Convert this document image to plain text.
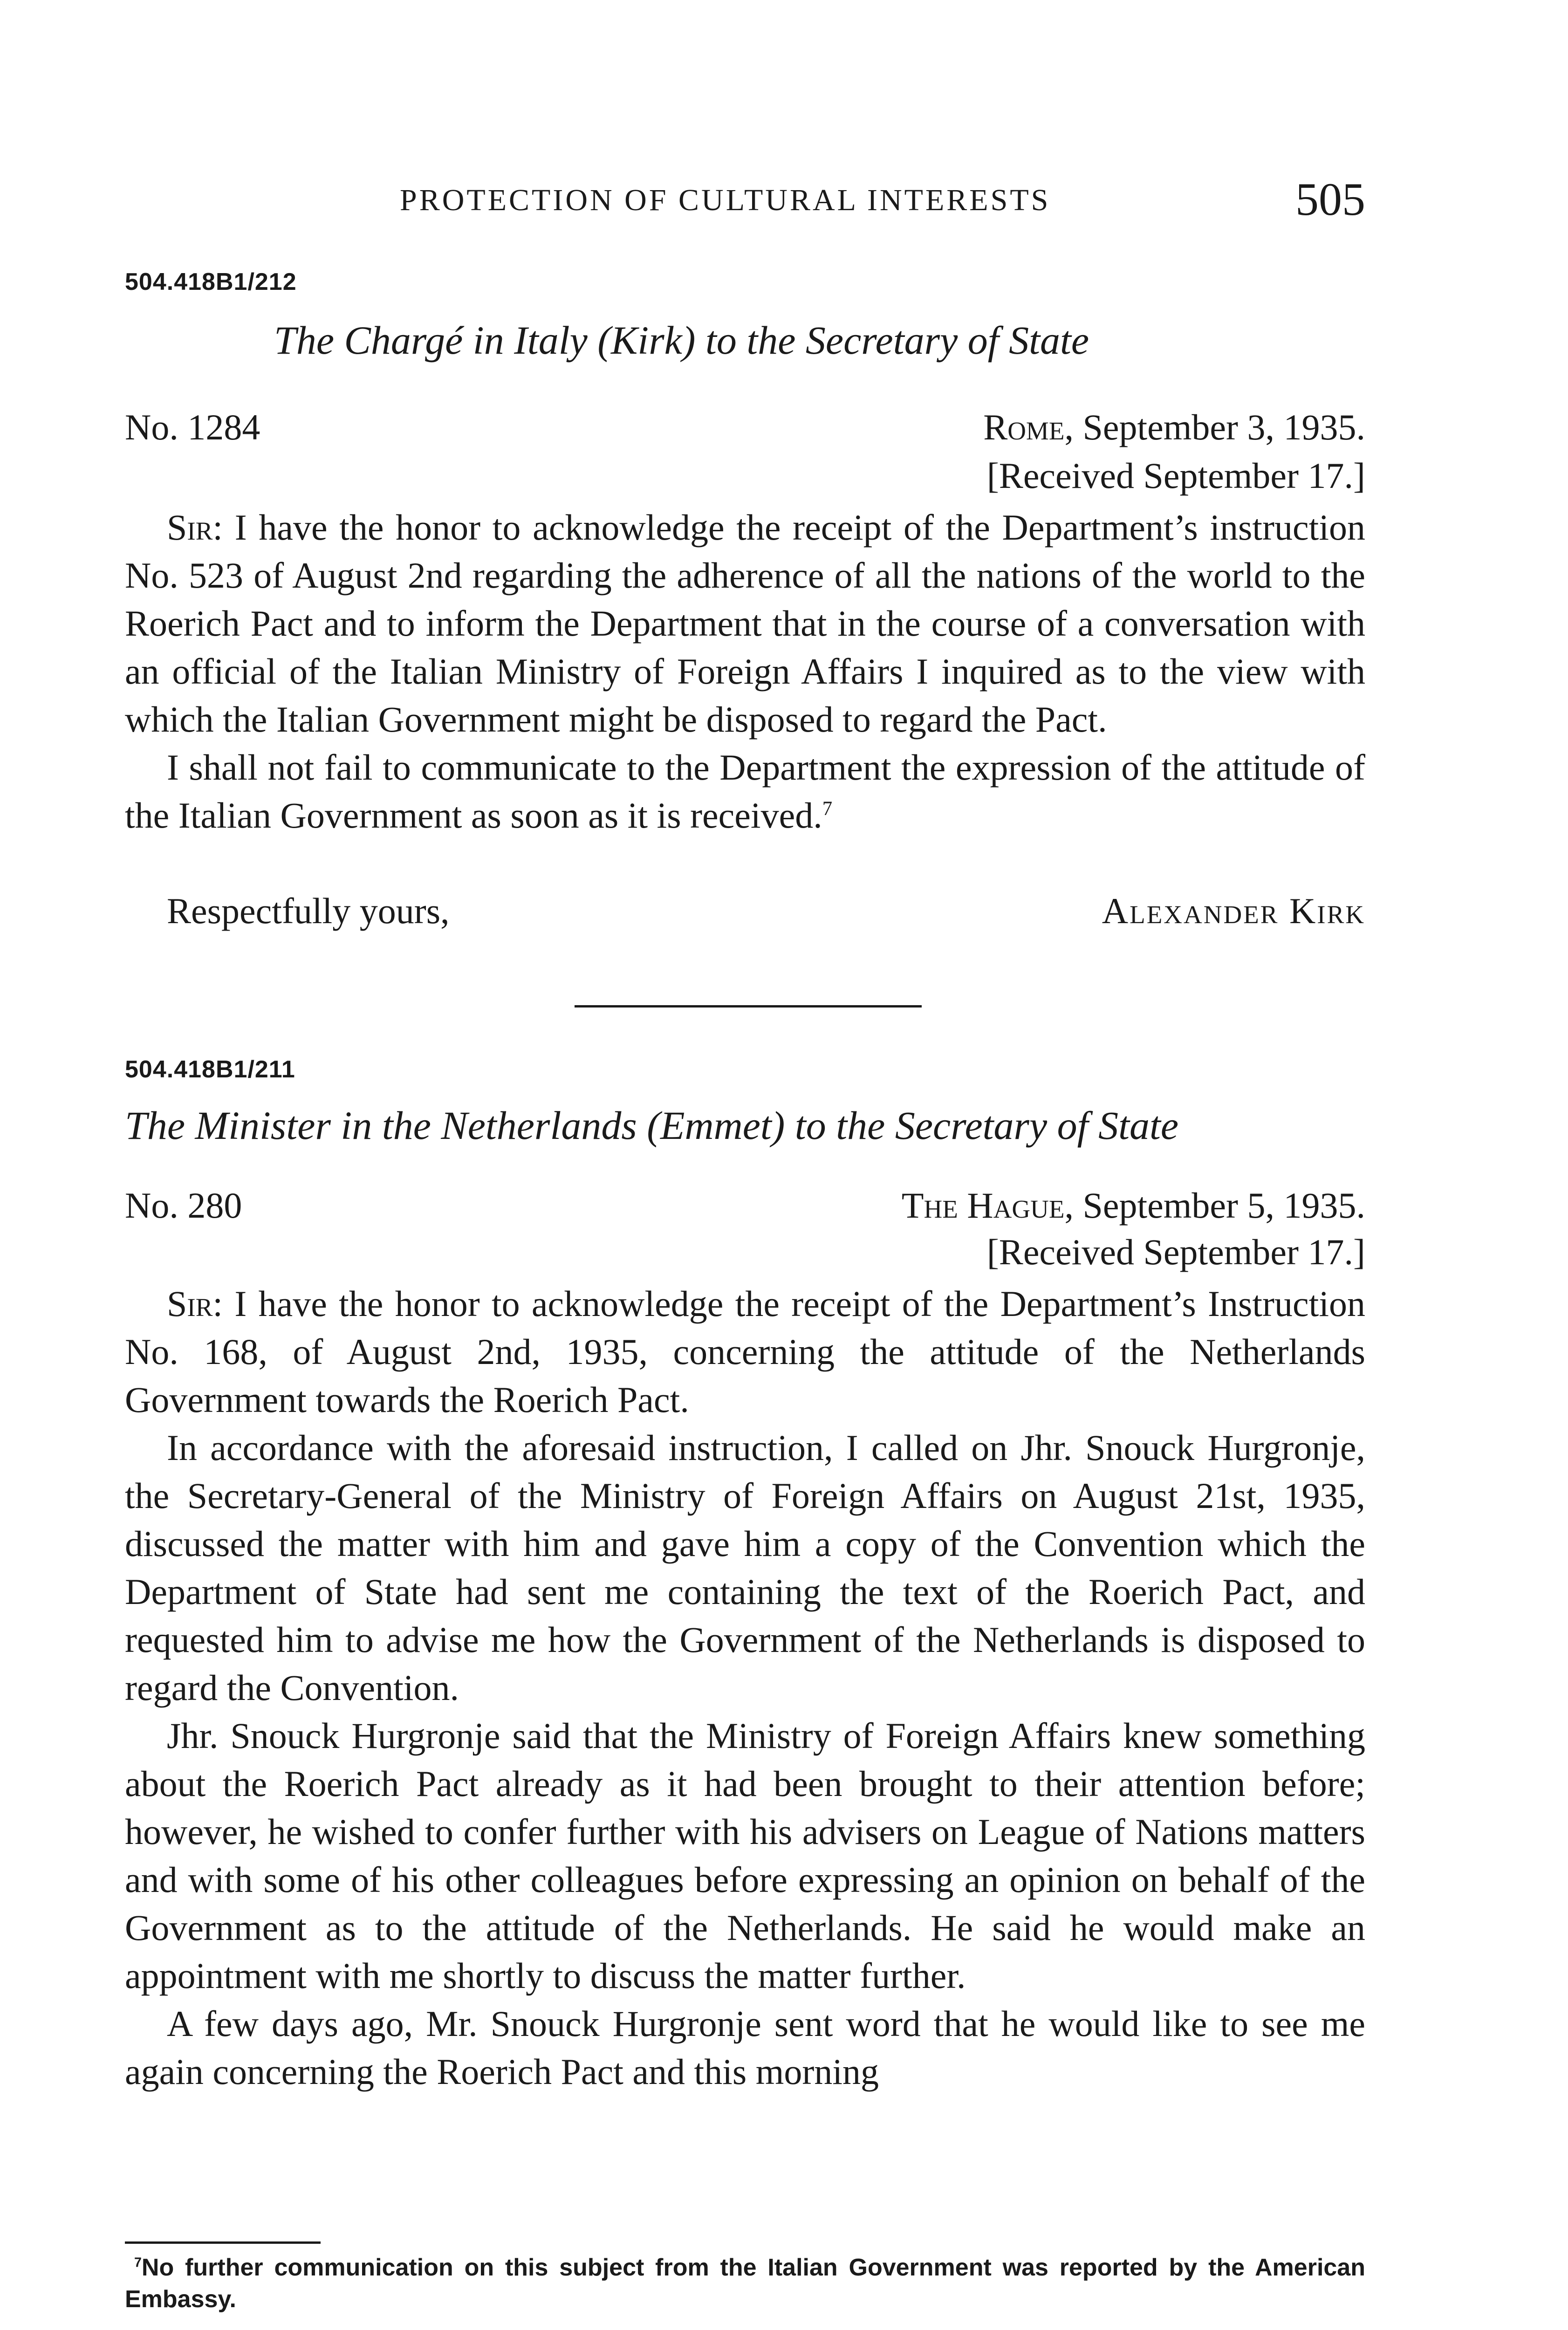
PROTECTION OF CULTURAL INTERESTS	505
504.418B1/212
The Chargé in Italy (Kirk) to the Secretary of State
No. 1284	Rome, September 3, 1935.
[Received September 17.]

Sir: I have the honor to acknowledge the receipt of the Department’s instruction No. 523 of August 2nd regarding the adherence of all the nations of the world to the Roerich Pact and to inform the Department that in the course of a conversation with an official of the Italian Ministry of Foreign Affairs I inquired as to the view with which the Italian Government might be disposed to regard the Pact.

I shall not fail to communicate to the Department the expression of the attitude of the Italian Government as soon as it is received.$^7$

Respectfully yours,	Alexander Kirk
504.418B1/211
The Minister in the Netherlands (Emmet) to the Secretary of State
No. 280	The Hague, September 5, 1935.
[Received September 17.]

Sir: I have the honor to acknowledge the receipt of the Department’s Instruction No. 168, of August 2nd, 1935, concerning the attitude of the Netherlands Government towards the Roerich Pact.

In accordance with the aforesaid instruction, I called on Jhr. Snouck Hurgronje, the Secretary-General of the Ministry of Foreign Affairs on August 21st, 1935, discussed the matter with him and gave him a copy of the Convention which the Department of State had sent me containing the text of the Roerich Pact, and requested him to advise me how the Government of the Netherlands is disposed to regard the Convention.

Jhr. Snouck Hurgronje said that the Ministry of Foreign Affairs knew something about the Roerich Pact already as it had been brought to their attention before; however, he wished to confer further with his advisers on League of Nations matters and with some of his other colleagues before expressing an opinion on behalf of the Government as to the attitude of the Netherlands. He said he would make an appointment with me shortly to discuss the matter further.

A few days ago, Mr. Snouck Hurgronje sent word that he would like to see me again concerning the Roerich Pact and this morning

$^7$No further communication on this subject from the Italian Government was reported by the American Embassy.
